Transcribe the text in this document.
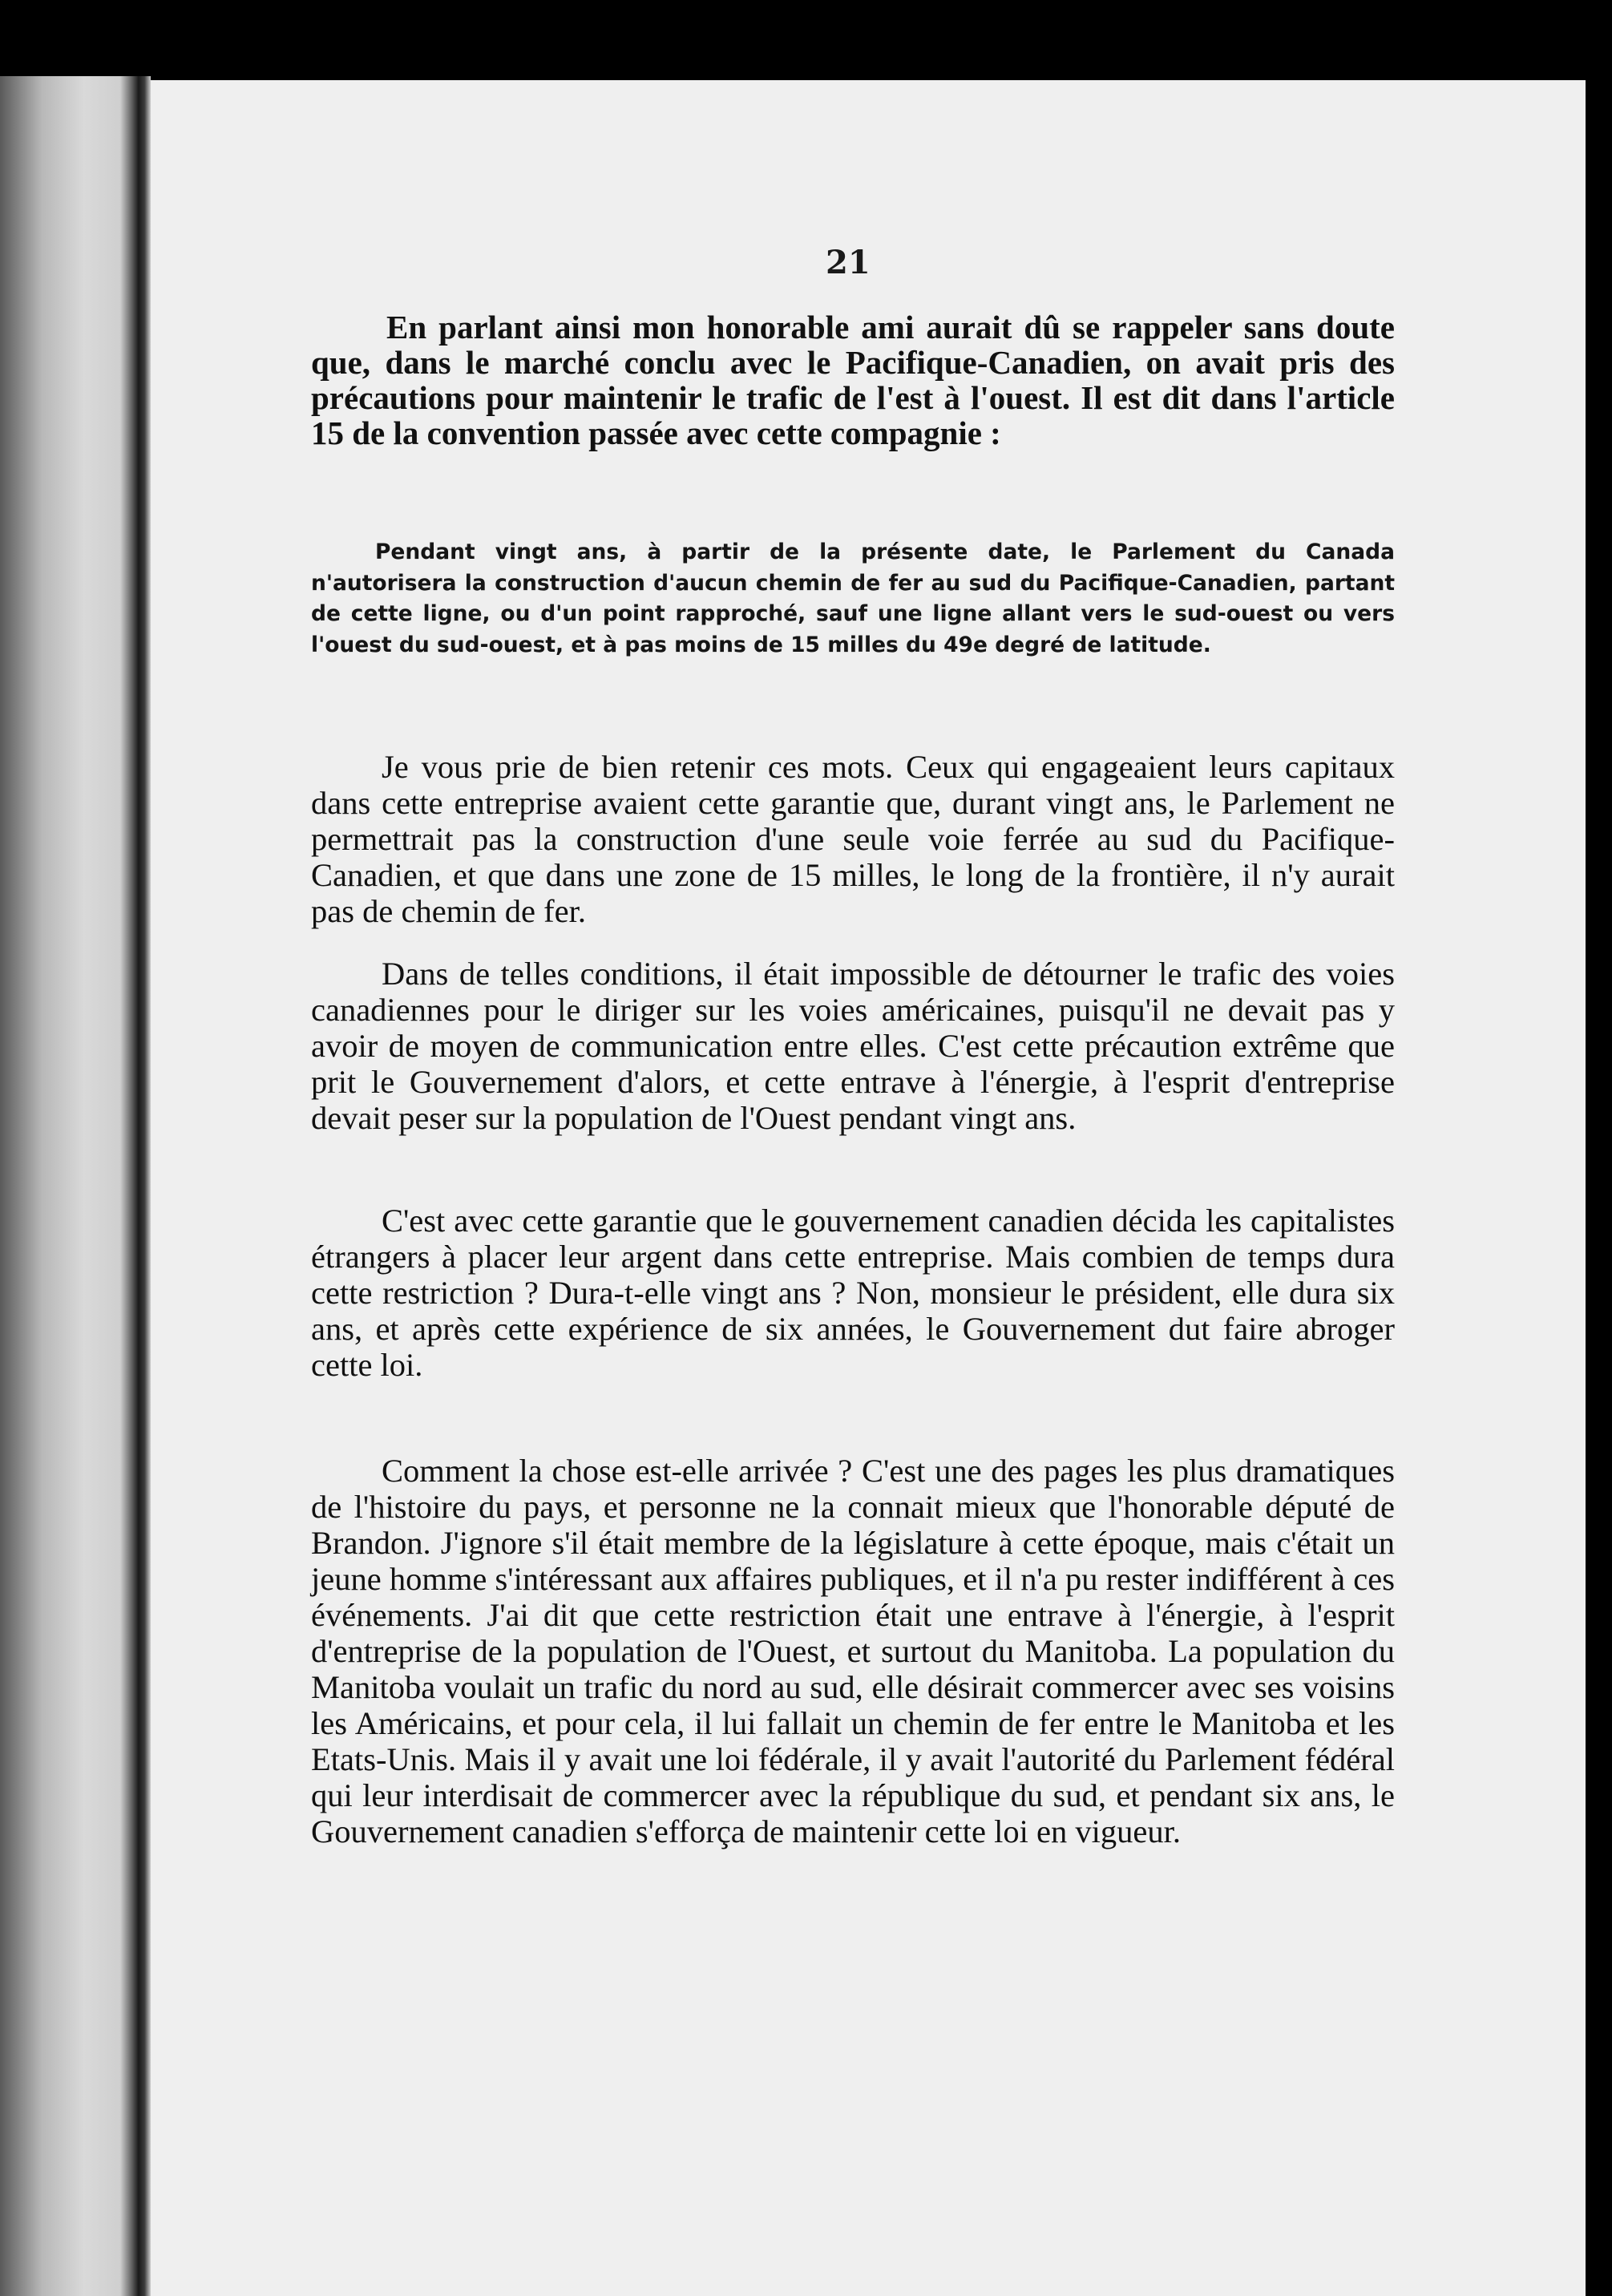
21

En parlant ainsi mon honorable ami aurait dû se rappeler sans doute que, dans le marché conclu avec le Pacifique-Canadien, on avait pris des précautions pour maintenir le trafic de l'est à l'ouest. Il est dit dans l'article 15 de la convention passée avec cette compagnie :

Pendant vingt ans, à partir de la présente date, le Parlement du Canada n'autorisera la construction d'aucun chemin de fer au sud du Pacifique-Canadien, partant de cette ligne, ou d'un point rapproché, sauf une ligne allant vers le sud-ouest ou vers l'ouest du sud-ouest, et à pas moins de 15 milles du 49e degré de latitude.

Je vous prie de bien retenir ces mots. Ceux qui engageaient leurs capitaux dans cette entreprise avaient cette garantie que, durant vingt ans, le Parlement ne permettrait pas la construction d'une seule voie ferrée au sud du Pacifique-Canadien, et que dans une zone de 15 milles, le long de la frontière, il n'y aurait pas de chemin de fer.

Dans de telles conditions, il était impossible de détourner le trafic des voies canadiennes pour le diriger sur les voies américaines, puisqu'il ne devait pas y avoir de moyen de communication entre elles. C'est cette précaution extrême que prit le Gouvernement d'alors, et cette entrave à l'énergie, à l'esprit d'entreprise devait peser sur la population de l'Ouest pendant vingt ans.

C'est avec cette garantie que le gouvernement canadien décida les capitalistes étrangers à placer leur argent dans cette entreprise. Mais combien de temps dura cette restriction ? Dura-t-elle vingt ans ? Non, monsieur le président, elle dura six ans, et après cette expérience de six années, le Gouvernement dut faire abroger cette loi.

Comment la chose est-elle arrivée ? C'est une des pages les plus dramatiques de l'histoire du pays, et personne ne la connait mieux que l'honorable député de Brandon. J'ignore s'il était membre de la législature à cette époque, mais c'était un jeune homme s'intéressant aux affaires publiques, et il n'a pu rester indifférent à ces événements. J'ai dit que cette restriction était une entrave à l'énergie, à l'esprit d'entreprise de la population de l'Ouest, et surtout du Manitoba. La population du Manitoba voulait un trafic du nord au sud, elle désirait commercer avec ses voisins les Américains, et pour cela, il lui fallait un chemin de fer entre le Manitoba et les Etats-Unis. Mais il y avait une loi fédérale, il y avait l'autorité du Parlement fédéral qui leur interdisait de commercer avec la république du sud, et pendant six ans, le Gouvernement canadien s'efforça de maintenir cette loi en vigueur.
